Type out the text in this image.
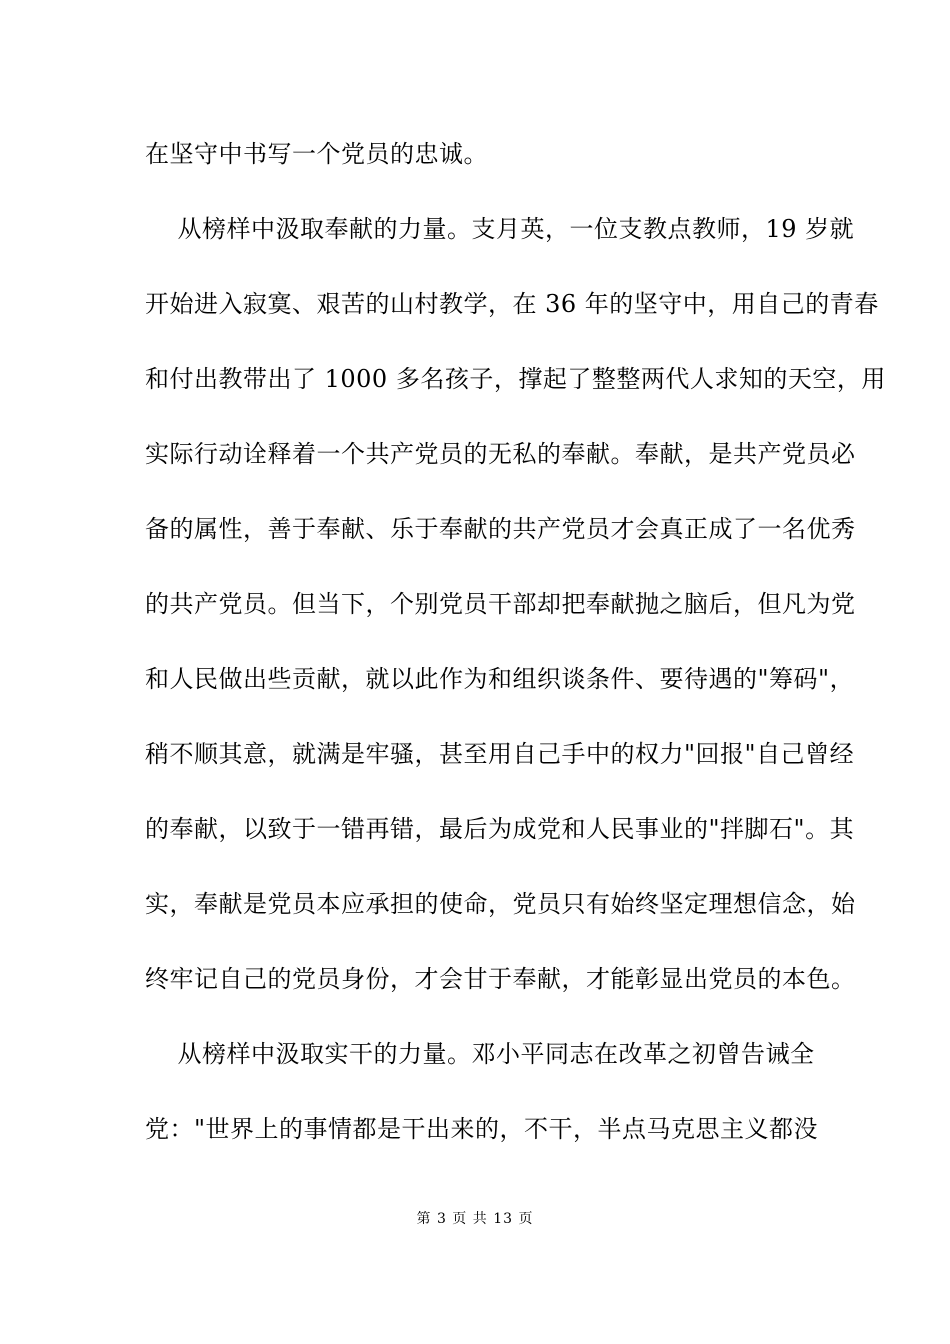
在坚守中书写一个党员的忠诚。
从榜样中汲取奉献的力量。支月英，一位支教点教师，19 岁就
开始进入寂寞、艰苦的山村教学，在 36 年的坚守中，用自己的青春
和付出教带出了 1000 多名孩子，撑起了整整两代人求知的天空，用
实际行动诠释着一个共产党员的无私的奉献。奉献，是共产党员必
备的属性，善于奉献、乐于奉献的共产党员才会真正成了一名优秀
的共产党员。但当下，个别党员干部却把奉献抛之脑后，但凡为党
和人民做出些贡献，就以此作为和组织谈条件、要待遇的"筹码"，
稍不顺其意，就满是牢骚，甚至用自己手中的权力"回报"自己曾经
的奉献，以致于一错再错，最后为成党和人民事业的"拌脚石"。其
实，奉献是党员本应承担的使命，党员只有始终坚定理想信念，始
终牢记自己的党员身份，才会甘于奉献，才能彰显出党员的本色。
从榜样中汲取实干的力量。邓小平同志在改革之初曾告诫全
党："世界上的事情都是干出来的，不干，半点马克思主义都没
第 3 页 共 13 页
